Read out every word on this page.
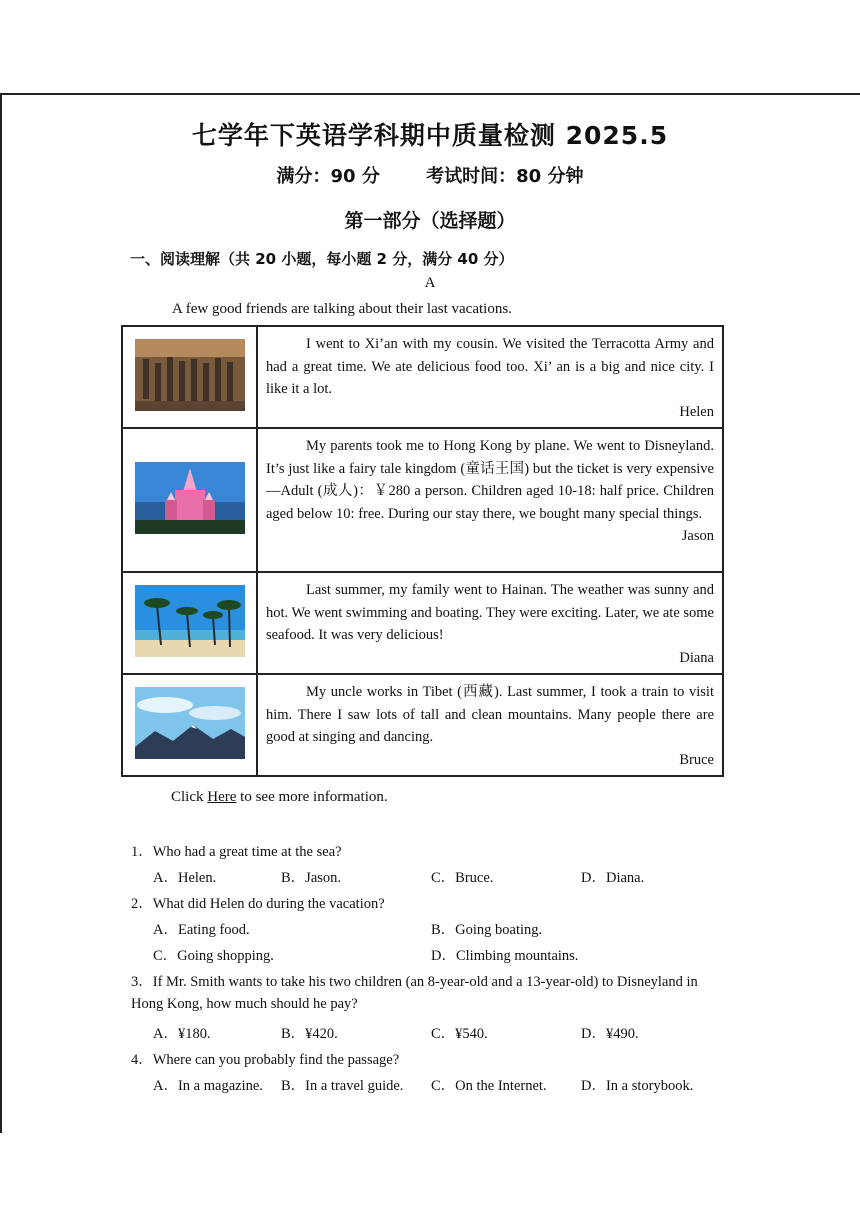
七学年下英语学科期中质量检测 2025.5
满分：90 分	考试时间：80 分钟
第一部分（选择题）
一、阅读理解（共 20 小题，每小题 2 分，满分 40 分）
A
A few good friends are talking about their last vacations.

I went to Xi’an with my cousin. We visited the Terracotta Army and had a great time. We ate delicious food too. Xi’ an is a big and nice city. I like it a lot.
Helen

My parents took me to Hong Kong by plane. We went to Disneyland. It’s just like a fairy tale kingdom (童话王国) but the ticket is very expensive—Adult (成人)：￥280 a person. Children aged 10-18: half price. Children aged below 10: free. During our stay there, we bought many special things.
Jason

Last summer, my family went to Hainan. The weather was sunny and hot. We went swimming and boating. They were exciting. Later, we ate some seafood. It was very delicious!
Diana

My uncle works in Tibet (西藏). Last summer, I took a train to visit him. There I saw lots of tall and clean mountains. Many people there are good at singing and dancing.
Bruce
Click Here to see more information.
1．Who had a great time at the sea?
A．Helen.	B．Jason.	C．Bruce.	D．Diana.
2．What did Helen do during the vacation?
A．Eating food.	B．Going boating.
C．Going shopping.	D．Climbing mountains.
3．If Mr. Smith wants to take his two children (an 8-year-old and a 13-year-old) to Disneyland in
Hong Kong, how much should he pay?
A．¥180.	B．¥420.	C．¥540.	D．¥490.
4．Where can you probably find the passage?
A．In a magazine. B．In a travel guide. C．On the Internet. D．In a storybook.
